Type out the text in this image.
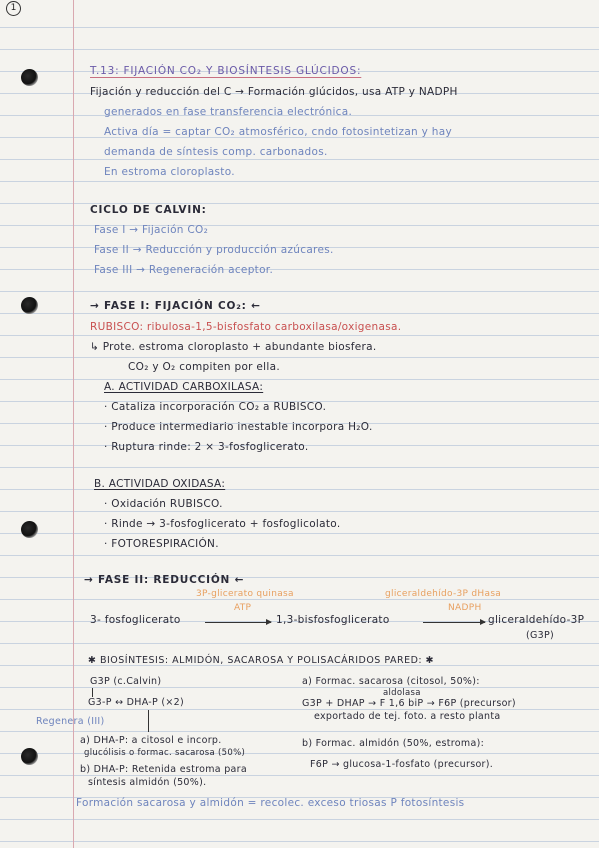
1
T.13: FIJACIÓN CO₂ Y BIOSÍNTESIS GLÚCIDOS:
Fijación y reducción del C → Formación glúcidos, usa ATP y NADPH
generados en fase transferencia electrónica.
Activa día = captar CO₂ atmosférico, cndo fotosintetizan y hay
demanda de síntesis comp. carbonados.
En estroma cloroplasto.
CICLO DE CALVIN:
Fase I → Fijación CO₂
Fase II → Reducción y producción azúcares.
Fase III → Regeneración aceptor.
→ FASE I: FIJACIÓN CO₂: ←
RUBISCO: ribulosa-1,5-bisfosfato carboxilasa/oxigenasa.
↳ Prote. estroma cloroplasto + abundante biosfera.
CO₂ y O₂ compiten por ella.
A. ACTIVIDAD CARBOXILASA:
· Cataliza incorporación CO₂ a RUBISCO.
· Produce intermediario inestable incorpora H₂O.
· Ruptura rinde: 2 × 3-fosfoglicerato.
B. ACTIVIDAD OXIDASA:
· Oxidación RUBISCO.
· Rinde → 3-fosfoglicerato + fosfoglicolato.
· FOTORESPIRACIÓN.
→ FASE II: REDUCCIÓN ←
3P-glicerato quinasa
ATP
gliceraldehído-3P dHasa
NADPH
3- fosfoglicerato	1,3-bisfosfoglicerato → gliceraldehído-3P
(G3P)
✱ BIOSÍNTESIS: ALMIDÓN, SACAROSA Y POLISACÁRIDOS PARED: ✱
G3P (c.Calvin)
G3-P ↔ DHA-P (×2)
Regenera (III)
a) DHA-P: a citosol e incorp.
glucólisis o formac. sacarosa (50%)
b) DHA-P: Retenida estroma para
síntesis almidón (50%).
a) Formac. sacarosa (citosol, 50%):
aldolasa
G3P + DHAP → F 1,6 biP → F6P (precursor)
exportado de tej. foto. a resto planta
b) Formac. almidón (50%, estroma):
F6P → glucosa-1-fosfato (precursor).
Formación sacarosa y almidón = recolec. exceso triosas P fotosíntesis
